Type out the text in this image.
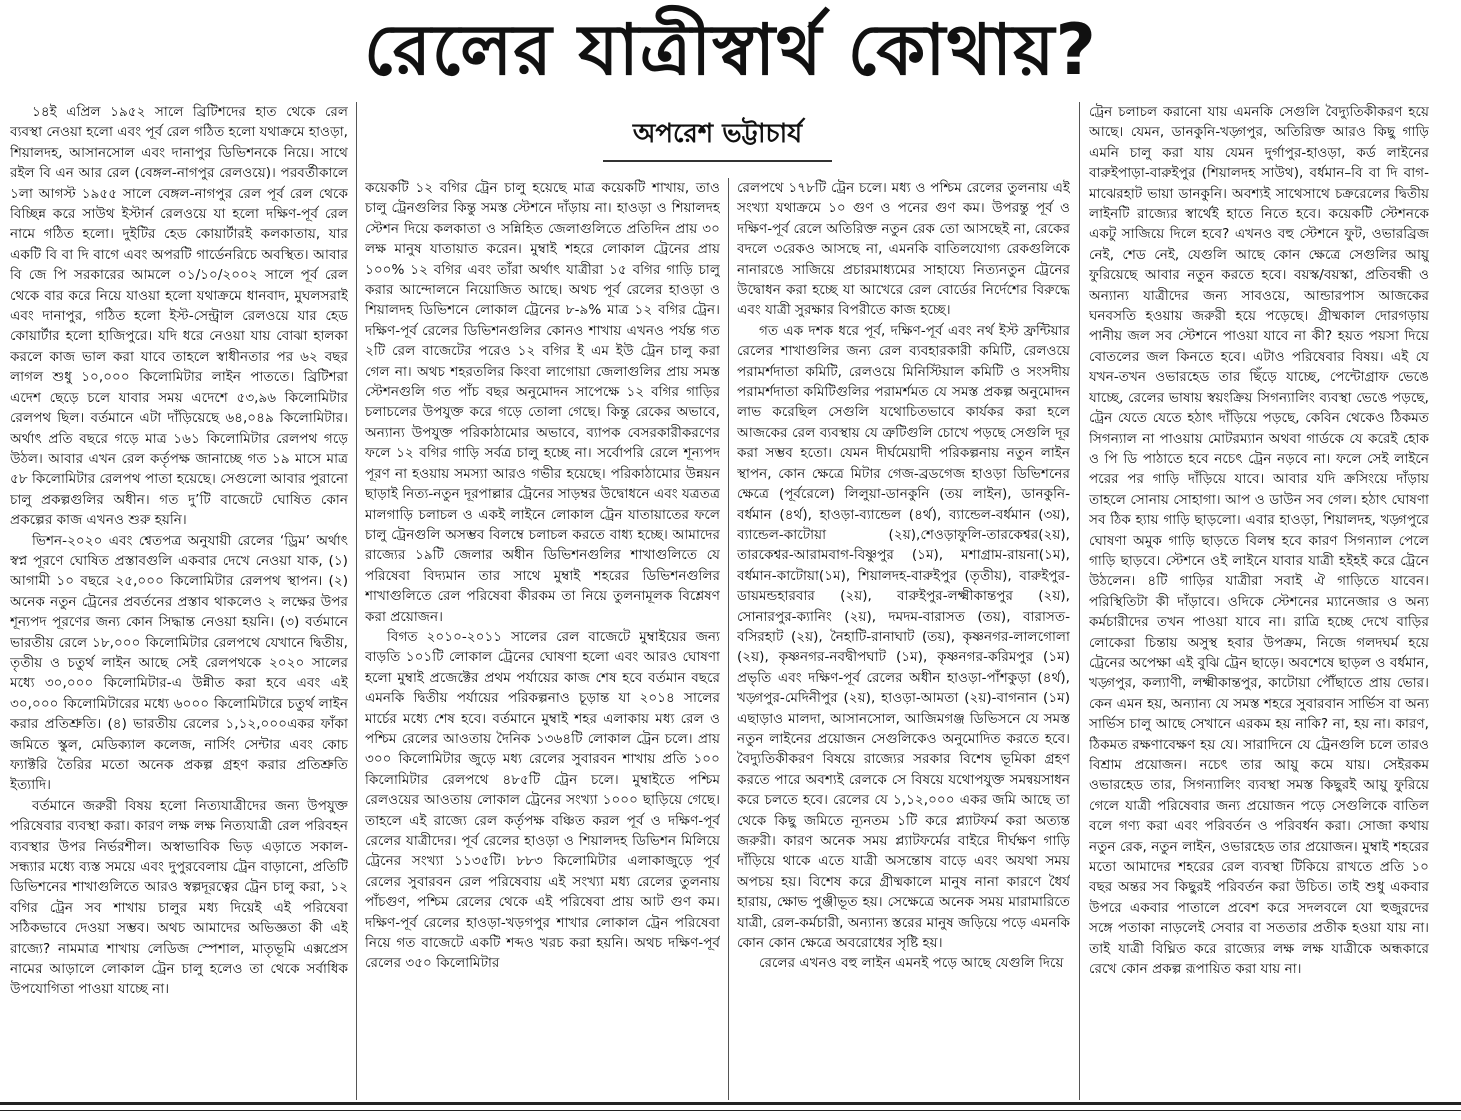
রেলের যাত্রীস্বার্থ কোথায়?
অপরেশ ভট্টাচার্য

১৪ই এপ্রিল ১৯৫২ সালে ব্রিটিশদের হাত থেকে রেল ব্যবস্থা নেওয়া হলো এবং পূর্ব রেল গঠিত হলো যথাক্রমে হাওড়া, শিয়ালদহ, আসানসোল এবং দানাপুর ডিভিশনকে নিয়ে। সাথে রইল বি এন আর রেল (বেঙ্গল-নাগপুর রেলওয়ে)। পরবর্তীকালে ১লা আগস্ট ১৯৫৫ সালে বেঙ্গল-নাগপুর রেল পূর্ব রেল থেকে বিচ্ছিন্ন করে সাউথ ইস্টার্ন রেলওয়ে যা হলো দক্ষিণ-পূর্ব রেল নামে গঠিত হলো। দুইটির হেড কোয়ার্টারই কলকাতায়, যার একটি বি বা দি বাগে এবং অপরটি গার্ডেনরিচে অবস্থিত। আবার বি জে পি সরকারের আমলে ০১/১০/২০০২ সালে পূর্ব রেল থেকে বার করে নিয়ে যাওয়া হলো যথাক্রমে ধানবাদ, মুঘলসরাই এবং দানাপুর, গঠিত হলো ইস্ট-সেন্ট্রাল রেলওয়ে যার হেড কোয়ার্টার হলো হাজিপুরে। যদি ধরে নেওয়া যায় বোঝা হালকা করলে কাজ ভাল করা যাবে তাহলে স্বাধীনতার পর ৬২ বছর লাগল শুধু ১০,০০০ কিলোমিটার লাইন পাততে। ব্রিটিশরা এদেশ ছেড়ে চলে যাবার সময় এদেশে ৫৩,৯৬ কিলোমিটার রেলপথ ছিল। বর্তমানে এটা দাঁড়িয়েছে ৬৪,০৪৯ কিলোমিটার। অর্থাৎ প্রতি বছরে গড়ে মাত্র ১৬১ কিলোমিটার রেলপথ গড়ে উঠল। আবার এখন রেল কর্তৃপক্ষ জানাচ্ছে গত ১৯ মাসে মাত্র ৫৮ কিলোমিটার রেলপথ পাতা হয়েছে। সেগুলো আবার পুরানো চালু প্রকল্পগুলির অধীন। গত দু’টি বাজেটে ঘোষিত কোন প্রকল্পের কাজ এখনও শুরু হয়নি।

ভিশন-২০২০ এবং শ্বেতপত্র অনুযায়ী রেলের ‘ড্রিম’ অর্থাৎ স্বপ্ন পূরণে ঘোষিত প্রস্তাবগুলি একবার দেখে নেওয়া যাক, (১) আগামী ১০ বছরে ২৫,০০০ কিলোমিটার রেলপথ স্থাপন। (২) অনেক নতুন ট্রেনের প্রবর্তনের প্রস্তাব থাকলেও ২ লক্ষের উপর শূন্যপদ পূরণের জন্য কোন সিদ্ধান্ত নেওয়া হয়নি। (৩) বর্তমানে ভারতীয় রেলে ১৮,০০০ কিলোমিটার রেলপথে যেখানে দ্বিতীয়, তৃতীয় ও চতুর্থ লাইন আছে সেই রেলপথকে ২০২০ সালের মধ্যে ৩০,০০০ কিলোমিটার-এ উন্নীত করা হবে এবং এই ৩০,০০০ কিলোমিটারের মধ্যে ৬০০০ কিলোমিটারে চতুর্থ লাইন করার প্রতিশ্রুতি। (৪) ভারতীয় রেলের ১,১২,০০০একর ফাঁকা জমিতে স্কুল, মেডিক্যাল কলেজ, নার্সিং সেন্টার এবং কোচ ফ্যাক্টরি তৈরির মতো অনেক প্রকল্প গ্রহণ করার প্রতিশ্রুতি ইত্যাদি।

বর্তমানে জরুরী বিষয় হলো নিত্যযাত্রীদের জন্য উপযুক্ত পরিষেবার ব্যবস্থা করা। কারণ লক্ষ লক্ষ নিত্যযাত্রী রেল পরিবহন ব্যবস্থার উপর নির্ভরশীল। অস্বাভাবিক ভিড় এড়াতে সকাল-সন্ধ্যার মধ্যে ব্যস্ত সময়ে এবং দুপুরবেলায় ট্রেন বাড়ানো, প্রতিটি ডিভিশনের শাখাগুলিতে আরও স্বল্পদূরত্বের ট্রেন চালু করা, ১২ বগির ট্রেন সব শাখায় চালুর মধ্য দিয়েই এই পরিষেবা সঠিকভাবে দেওয়া সম্ভব। অথচ আমাদের অভিজ্ঞতা কী এই রাজ্যে? নামমাত্র শাখায় লেডিজ স্পেশাল, মাতৃভূমি এক্সপ্রেস নামের আড়ালে লোকাল ট্রেন চালু হলেও তা থেকে সর্বাধিক উপযোগিতা পাওয়া যাচ্ছে না।

কয়েকটি ১২ বগির ট্রেন চালু হয়েছে মাত্র কয়েকটি শাখায়, তাও চালু ট্রেনগুলির কিন্তু সমস্ত স্টেশনে দাঁড়ায় না। হাওড়া ও শিয়ালদহ স্টেশন দিয়ে কলকাতা ও সন্নিহিত জেলাগুলিতে প্রতিদিন প্রায় ৩০ লক্ষ মানুষ যাতায়াত করেন। মুম্বাই শহরে লোকাল ট্রেনের প্রায় ১০০% ১২ বগির এবং তাঁরা অর্থাৎ যাত্রীরা ১৫ বগির গাড়ি চালু করার আন্দোলনে নিয়োজিত আছে। অথচ পূর্ব রেলের হাওড়া ও শিয়ালদহ ডিভিশনে লোকাল ট্রেনের ৮-৯% মাত্র ১২ বগির ট্রেন। দক্ষিণ-পূর্ব রেলের ডিভিশনগুলির কোনও শাখায় এখনও পর্যন্ত গত ২টি রেল বাজেটের পরেও ১২ বগির ই এম ইউ ট্রেন চালু করা গেল না। অথচ শহরতলির কিংবা লাগোয়া জেলাগুলির প্রায় সমস্ত স্টেশনগুলি গত পাঁচ বছর অনুমোদন সাপেক্ষে ১২ বগির গাড়ির চলাচলের উপযুক্ত করে গড়ে তোলা গেছে। কিন্তু রেকের অভাবে, অন্যান্য উপযুক্ত পরিকাঠামোর অভাবে, ব্যাপক বেসরকারীকরণের ফলে ১২ বগির গাড়ি সর্বত্র চালু হচ্ছে না। সর্বোপরি রেলে শূন্যপদ পূরণ না হওয়ায় সমস্যা আরও গভীর হয়েছে। পরিকাঠামোর উন্নয়ন ছাড়াই নিত্য-নতুন দূরপাল্লার ট্রেনের সাড়ম্বর উদ্বোধনে এবং যত্রতত্র মালগাড়ি চলাচল ও একই লাইনে লোকাল ট্রেন যাতায়াতের ফলে চালু ট্রেনগুলি অসম্ভব বিলম্বে চলাচল করতে বাধ্য হচ্ছে। আমাদের রাজ্যের ১৯টি জেলার অধীন ডিভিশনগুলির শাখাগুলিতে যে পরিষেবা বিদ্যমান তার সাথে মুম্বাই শহরের ডিভিশনগুলির শাখাগুলিতে রেল পরিষেবা কীরকম তা নিয়ে তুলনামূলক বিশ্লেষণ করা প্রয়োজন।

বিগত ২০১০-২০১১ সালের রেল বাজেটে মুম্বাইয়ের জন্য বাড়তি ১০১টি লোকাল ট্রেনের ঘোষণা হলো এবং আরও ঘোষণা হলো মুম্বাই প্রজেক্টের প্রথম পর্যায়ের কাজ শেষ হবে বর্তমান বছরে এমনকি দ্বিতীয় পর্যায়ের পরিকল্পনাও চূড়ান্ত যা ২০১৪ সালের মার্চের মধ্যে শেষ হবে। বর্তমানে মুম্বাই শহর এলাকায় মধ্য রেল ও পশ্চিম রেলের আওতায় দৈনিক ১৩৬৪টি লোকাল ট্রেন চলে। প্রায় ৩০০ কিলোমিটার জুড়ে মধ্য রেলের সুবারবন শাখায় প্রতি ১০০ কিলোমিটার রেলপথে ৪৮৫টি ট্রেন চলে। মুম্বাইতে পশ্চিম রেলওয়ের আওতায় লোকাল ট্রেনের সংখ্যা ১০০০ ছাড়িয়ে গেছে। তাহলে এই রাজ্যে রেল কর্তৃপক্ষ বঞ্চিত করল পূর্ব ও দক্ষিণ-পূর্ব রেলের যাত্রীদের। পূর্ব রেলের হাওড়া ও শিয়ালদহ ডিভিশন মিলিয়ে ট্রেনের সংখ্যা ১১৩৫টি। ৮৮৩ কিলোমিটার এলাকাজুড়ে পূর্ব রেলের সুবারবন রেল পরিষেবায় এই সংখ্যা মধ্য রেলের তুলনায় পাঁচগুণ, পশ্চিম রেলের থেকে এই পরিষেবা প্রায় আট গুণ কম। দক্ষিণ-পূর্ব রেলের হাওড়া-খড়গপুর শাখার লোকাল ট্রেন পরিষেবা নিয়ে গত বাজেটে একটি শব্দও খরচ করা হয়নি। অথচ দক্ষিণ-পূর্ব রেলের ৩৫০ কিলোমিটার

রেলপথে ১৭৮টি ট্রেন চলে। মধ্য ও পশ্চিম রেলের তুলনায় এই সংখ্যা যথাক্রমে ১০ গুণ ও পনের গুণ কম। উপরন্তু পূর্ব ও দক্ষিণ-পূর্ব রেলে অতিরিক্ত নতুন রেক তো আসছেই না, রেকের বদলে ৩রেকও আসছে না, এমনকি বাতিলযোগ্য রেকগুলিকে নানারঙে সাজিয়ে প্রচারমাধ্যমের সাহায্যে নিত্যনতুন ট্রেনের উদ্বোধন করা হচ্ছে যা আখেরে রেল বোর্ডের নির্দেশের বিরুদ্ধে এবং যাত্রী সুরক্ষার বিপরীতে কাজ হচ্ছে।

গত এক দশক ধরে পূর্ব, দক্ষিণ-পূর্ব এবং নর্থ ইস্ট ফ্রন্টিয়ার রেলের শাখাগুলির জন্য রেল ব্যবহারকারী কমিটি, রেলওয়ে পরামর্শদাতা কমিটি, রেলওয়ে মিনিস্টিয়াল কমিটি ও সংসদীয় পরামর্শদাতা কমিটিগুলির পরামর্শমত যে সমস্ত প্রকল্প অনুমোদন লাভ করেছিল সেগুলি যথোচিতভাবে কার্যকর করা হলে আজকের রেল ব্যবস্থায় যে ত্রুটিগুলি চোখে পড়ছে সেগুলি দূর করা সম্ভব হতো। যেমন দীর্ঘমেয়াদী পরিকল্পনায় নতুন লাইন স্থাপন, কোন ক্ষেত্রে মিটার গেজ-ব্রডগেজ হাওড়া ডিভিশনের ক্ষেত্রে (পূর্বরেলে) লিলুয়া-ডানকুনি (তয় লাইন), ডানকুনি-বর্ধমান (৪র্থ), হাওড়া-ব্যান্ডেল (৪র্থ), ব্যান্ডেল-বর্ধমান (৩য়), ব্যান্ডেল-কাটোয়া (২য়),শেওড়াফুলি-তারকেশ্বর(২য়), তারকেশ্বর-আরামবাগ-বিষ্ণুপুর (১ম), মশাগ্রাম-রায়না(১ম), বর্ধমান-কাটোয়া(১ম), শিয়ালদহ-বারুইপুর (তৃতীয়), বারুইপুর-ডায়মন্ডহারবার (২য়), বারুইপুর-লক্ষ্মীকান্তপুর (২য়), সোনারপুর-ক্যানিং (২য়), দমদম-বারাসত (তয়), বারাসত-বসিরহাট (২য়), নৈহাটি-রানাঘাট (তয়), কৃষ্ণনগর-লালগোলা (২য়), কৃষ্ণনগর-নবদ্বীপঘাট (১ম), কৃষ্ণনগর-করিমপুর (১ম) প্রভৃতি এবং দক্ষিণ-পূর্ব রেলের অধীন হাওড়া-পাঁশকুড়া (৪র্থ), খড়্গপুর-মেদিনীপুর (২য়), হাওড়া-আমতা (২য়)-বাগনান (১ম) এছাড়াও মালদা, আসানসোল, আজিমগঞ্জ ডিভিসনে যে সমস্ত নতুন লাইনের প্রয়োজন সেগুলিকেও অনুমোদিত করতে হবে। বৈদ্যুতিকীকরণ বিষয়ে রাজ্যের সরকার বিশেষ ভূমিকা গ্রহণ করতে পারে অবশ্যই রেলকে সে বিষয়ে যথোপযুক্ত সমন্বয়সাধন করে চলতে হবে। রেলের যে ১,১২,০০০ একর জমি আছে তা থেকে কিছু জমিতে ন্যূনতম ১টি করে প্ল্যাটফর্ম করা অত্যন্ত জরুরী। কারণ অনেক সময় প্ল্যাটফর্মের বাইরে দীর্ঘক্ষণ গাড়ি দাঁড়িয়ে থাকে এতে যাত্রী অসন্তোষ বাড়ে এবং অযথা সময় অপচয় হয়। বিশেষ করে গ্রীষ্মকালে মানুষ নানা কারণে ধৈর্য হারায়, ক্ষোভ পুঞ্জীভূত হয়। সেক্ষেত্রে অনেক সময় মারামারিতে যাত্রী, রেল-কর্মচারী, অন্যান্য স্তরের মানুষ জড়িয়ে পড়ে এমনকি কোন কোন ক্ষেত্রে অবরোধের সৃষ্টি হয়।

রেলের এখনও বহু লাইন এমনই পড়ে আছে যেগুলি দিয়ে

ট্রেন চলাচল করানো যায় এমনকি সেগুলি বৈদ্যুতিকীকরণ হয়ে আছে। যেমন, ডানকুনি-খড়্গপুর, অতিরিক্ত আরও কিছু গাড়ি এমনি চালু করা যায় যেমন দুর্গাপুর-হাওড়া, কর্ড লাইনের বারুইপাড়া-বারুইপুর (শিয়ালদহ সাউথ), বর্ধমান–বি বা দি বাগ-মাঝেরহাট ভায়া ডানকুনি। অবশ্যই সাথেসাথে চক্ররেলের দ্বিতীয় লাইনটি রাজ্যের স্বার্থেই হাতে নিতে হবে। কয়েকটি স্টেশনকে একটু সাজিয়ে দিলে হবে? এখনও বহু স্টেশনে ফুট, ওভারব্রিজ নেই, শেড নেই, যেগুলি আছে কোন ক্ষেত্রে সেগুলির আয়ু ফুরিয়েছে আবার নতুন করতে হবে। বয়স্ক/বয়স্কা, প্রতিবন্ধী ও অন্যান্য যাত্রীদের জন্য সাবওয়ে, আন্ডারপাস আজকের ঘনবসতি হওয়ায় জরুরী হয়ে পড়েছে। গ্রীষ্মকাল দোরগড়ায় পানীয় জল সব স্টেশনে পাওয়া যাবে না কী? হয়ত পয়সা দিয়ে বোতলের জল কিনতে হবে। এটাও পরিষেবার বিষয়। এই যে যখন-তখন ওভারহেড তার ছিঁড়ে যাচ্ছে, পেন্টোগ্রাফ ভেঙে যাচ্ছে, রেলের ভাষায় স্বয়ংক্রিয় সিগন্যালিং ব্যবস্থা ভেঙে পড়ছে, ট্রেন যেতে যেতে হঠাৎ দাঁড়িয়ে পড়ছে, কেবিন থেকেও ঠিকমত সিগন্যাল না পাওয়ায় মোটরম্যান অথবা গার্ডকে যে করেই হোক ও পি ডি পাঠাতে হবে নচেৎ ট্রেন নড়বে না। ফলে সেই লাইনে পরের পর গাড়ি দাঁড়িয়ে যাবে। আবার যদি ক্রসিংয়ে দাঁড়ায় তাহলে সোনায় সোহাগা। আপ ও ডাউন সব গেল। হঠাৎ ঘোষণা সব ঠিক হ্যায় গাড়ি ছাড়লো। এবার হাওড়া, শিয়ালদহ, খড়্গপুরে ঘোষণা অমুক গাড়ি ছাড়তে বিলম্ব হবে কারণ সিগন্যাল পেলে গাড়ি ছাড়বে। স্টেশনে ওই লাইনে যাবার যাত্রী হইহই করে ট্রেনে উঠলেন। ৪টি গাড়ির যাত্রীরা সবাই ঐ গাড়িতে যাবেন। পরিস্থিতিটা কী দাঁড়াবে। ওদিকে স্টেশনের ম্যানেজার ও অন্য কর্মচারীদের তখন পাওয়া যাবে না। রাত্রি হচ্ছে দেখে বাড়ির লোকেরা চিন্তায় অসুস্থ হবার উপক্রম, নিজে গলদঘর্ম হয়ে ট্রেনের অপেক্ষা এই বুঝি ট্রেন ছাড়ে। অবশেষে ছাড়ল ও বর্ধমান, খড়্গপুর, কল্যাণী, লক্ষ্মীকান্তপুর, কাটোয়া পৌঁছাতে প্রায় ভোর। কেন এমন হয়, অন্যান্য যে সমস্ত শহরে সুবারবান সার্ভিস বা অন্য সার্ভিস চালু আছে সেখানে এরকম হয় নাকি? না, হয় না। কারণ, ঠিকমত রক্ষণাবেক্ষণ হয় যে। সারাদিনে যে ট্রেনগুলি চলে তারও বিশ্রাম প্রয়োজন। নচেৎ তার আয়ু কমে যায়। সেইরকম ওভারহেড তার, সিগন্যালিং ব্যবস্থা সমস্ত কিছুরই আয়ু ফুরিয়ে গেলে যাত্রী পরিষেবার জন্য প্রয়োজন পড়ে সেগুলিকে বাতিল বলে গণ্য করা এবং পরিবর্তন ও পরিবর্ধন করা। সোজা কথায় নতুন রেক, নতুন লাইন, ওভারহেড তার প্রয়োজন। মুম্বাই শহরের মতো আমাদের শহরের রেল ব্যবস্থা টিকিয়ে রাখতে প্রতি ১০ বছর অন্তর সব কিছুরই পরিবর্তন করা উচিত। তাই শুধু একবার উপরে একবার পাতালে প্রবেশ করে সদলবলে যো হুজুরদের সঙ্গে পতাকা নাড়লেই সেবার বা সততার প্রতীক হওয়া যায় না। তাই যাত্রী বিঘ্নিত করে রাজ্যের লক্ষ লক্ষ যাত্রীকে অন্ধকারে রেখে কোন প্রকল্প রূপায়িত করা যায় না।
